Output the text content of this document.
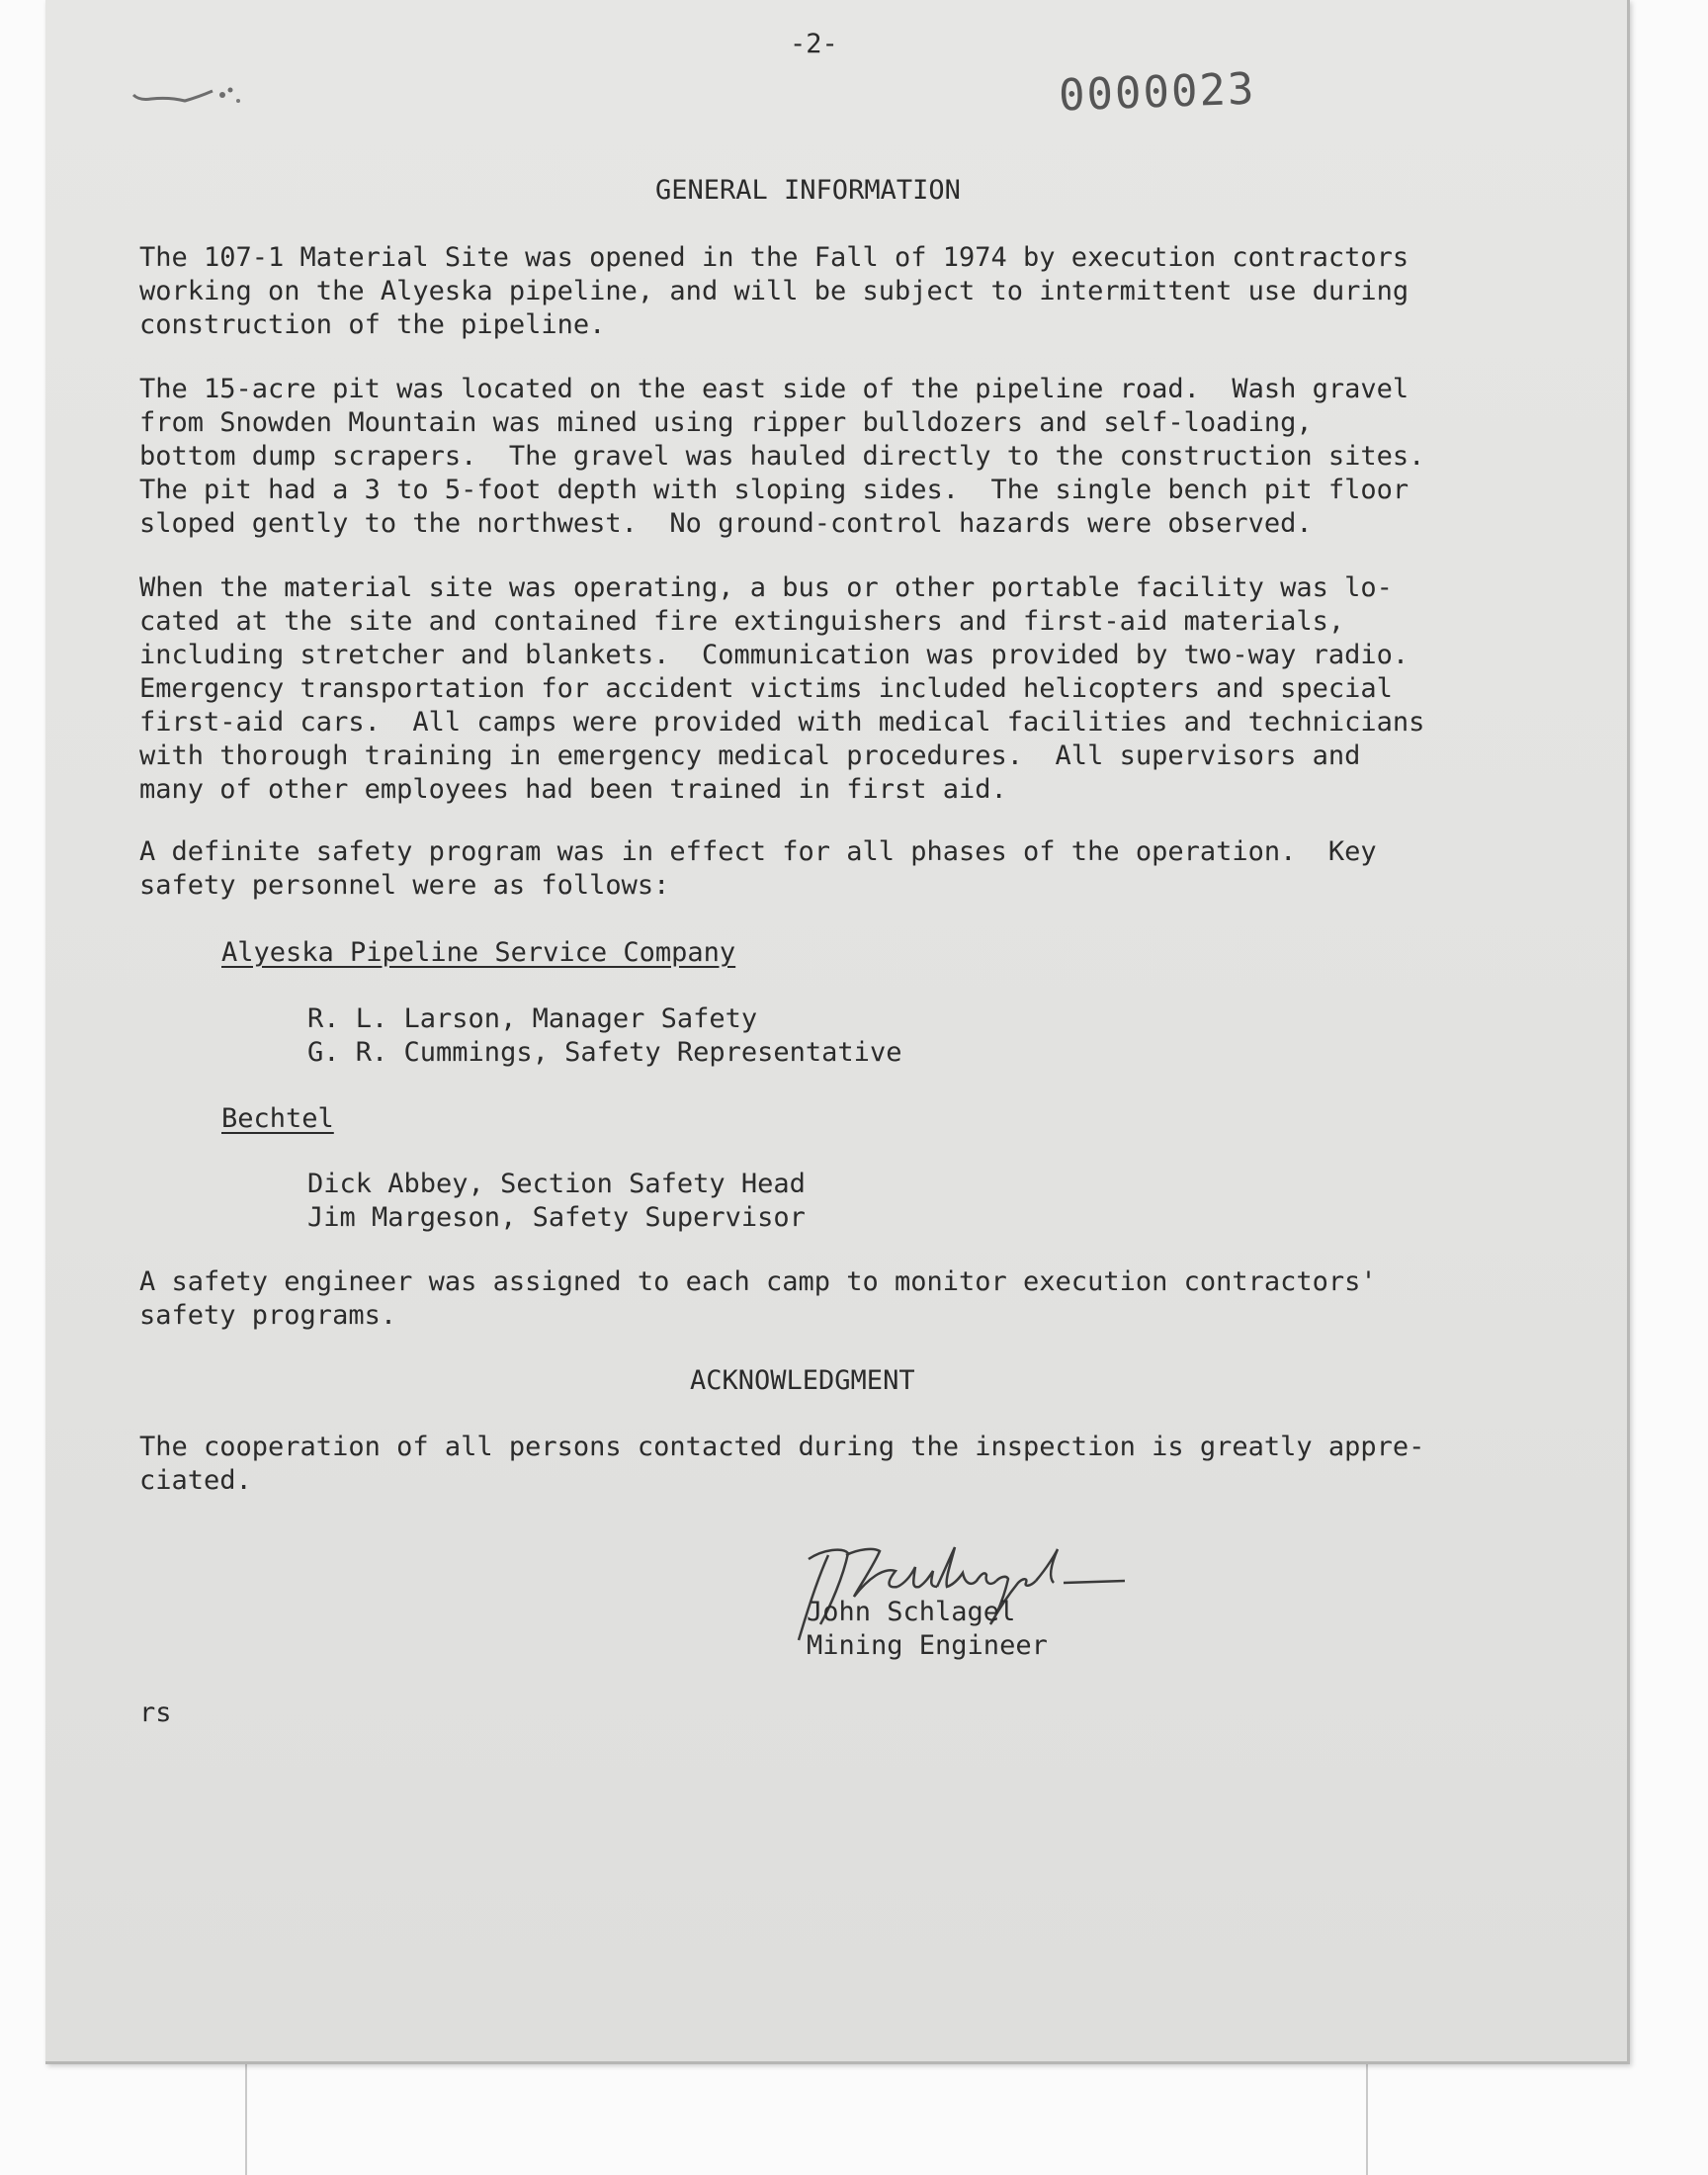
-2-
0000023
GENERAL INFORMATION
The 107-1 Material Site was opened in the Fall of 1974 by execution contractors
working on the Alyeska pipeline, and will be subject to intermittent use during
construction of the pipeline.
The 15-acre pit was located on the east side of the pipeline road.  Wash gravel
from Snowden Mountain was mined using ripper bulldozers and self-loading,
bottom dump scrapers.  The gravel was hauled directly to the construction sites.
The pit had a 3 to 5-foot depth with sloping sides.  The single bench pit floor
sloped gently to the northwest.  No ground-control hazards were observed.
When the material site was operating, a bus or other portable facility was lo-
cated at the site and contained fire extinguishers and first-aid materials,
including stretcher and blankets.  Communication was provided by two-way radio.
Emergency transportation for accident victims included helicopters and special
first-aid cars.  All camps were provided with medical facilities and technicians
with thorough training in emergency medical procedures.  All supervisors and
many of other employees had been trained in first aid.
A definite safety program was in effect for all phases of the operation.  Key
safety personnel were as follows:
Alyeska Pipeline Service Company
R. L. Larson, Manager Safety
G. R. Cummings, Safety Representative
Bechtel
Dick Abbey, Section Safety Head
Jim Margeson, Safety Supervisor
A safety engineer was assigned to each camp to monitor execution contractors'
safety programs.
ACKNOWLEDGMENT
The cooperation of all persons contacted during the inspection is greatly appre-
ciated.
John Schlagel
Mining Engineer
rs
